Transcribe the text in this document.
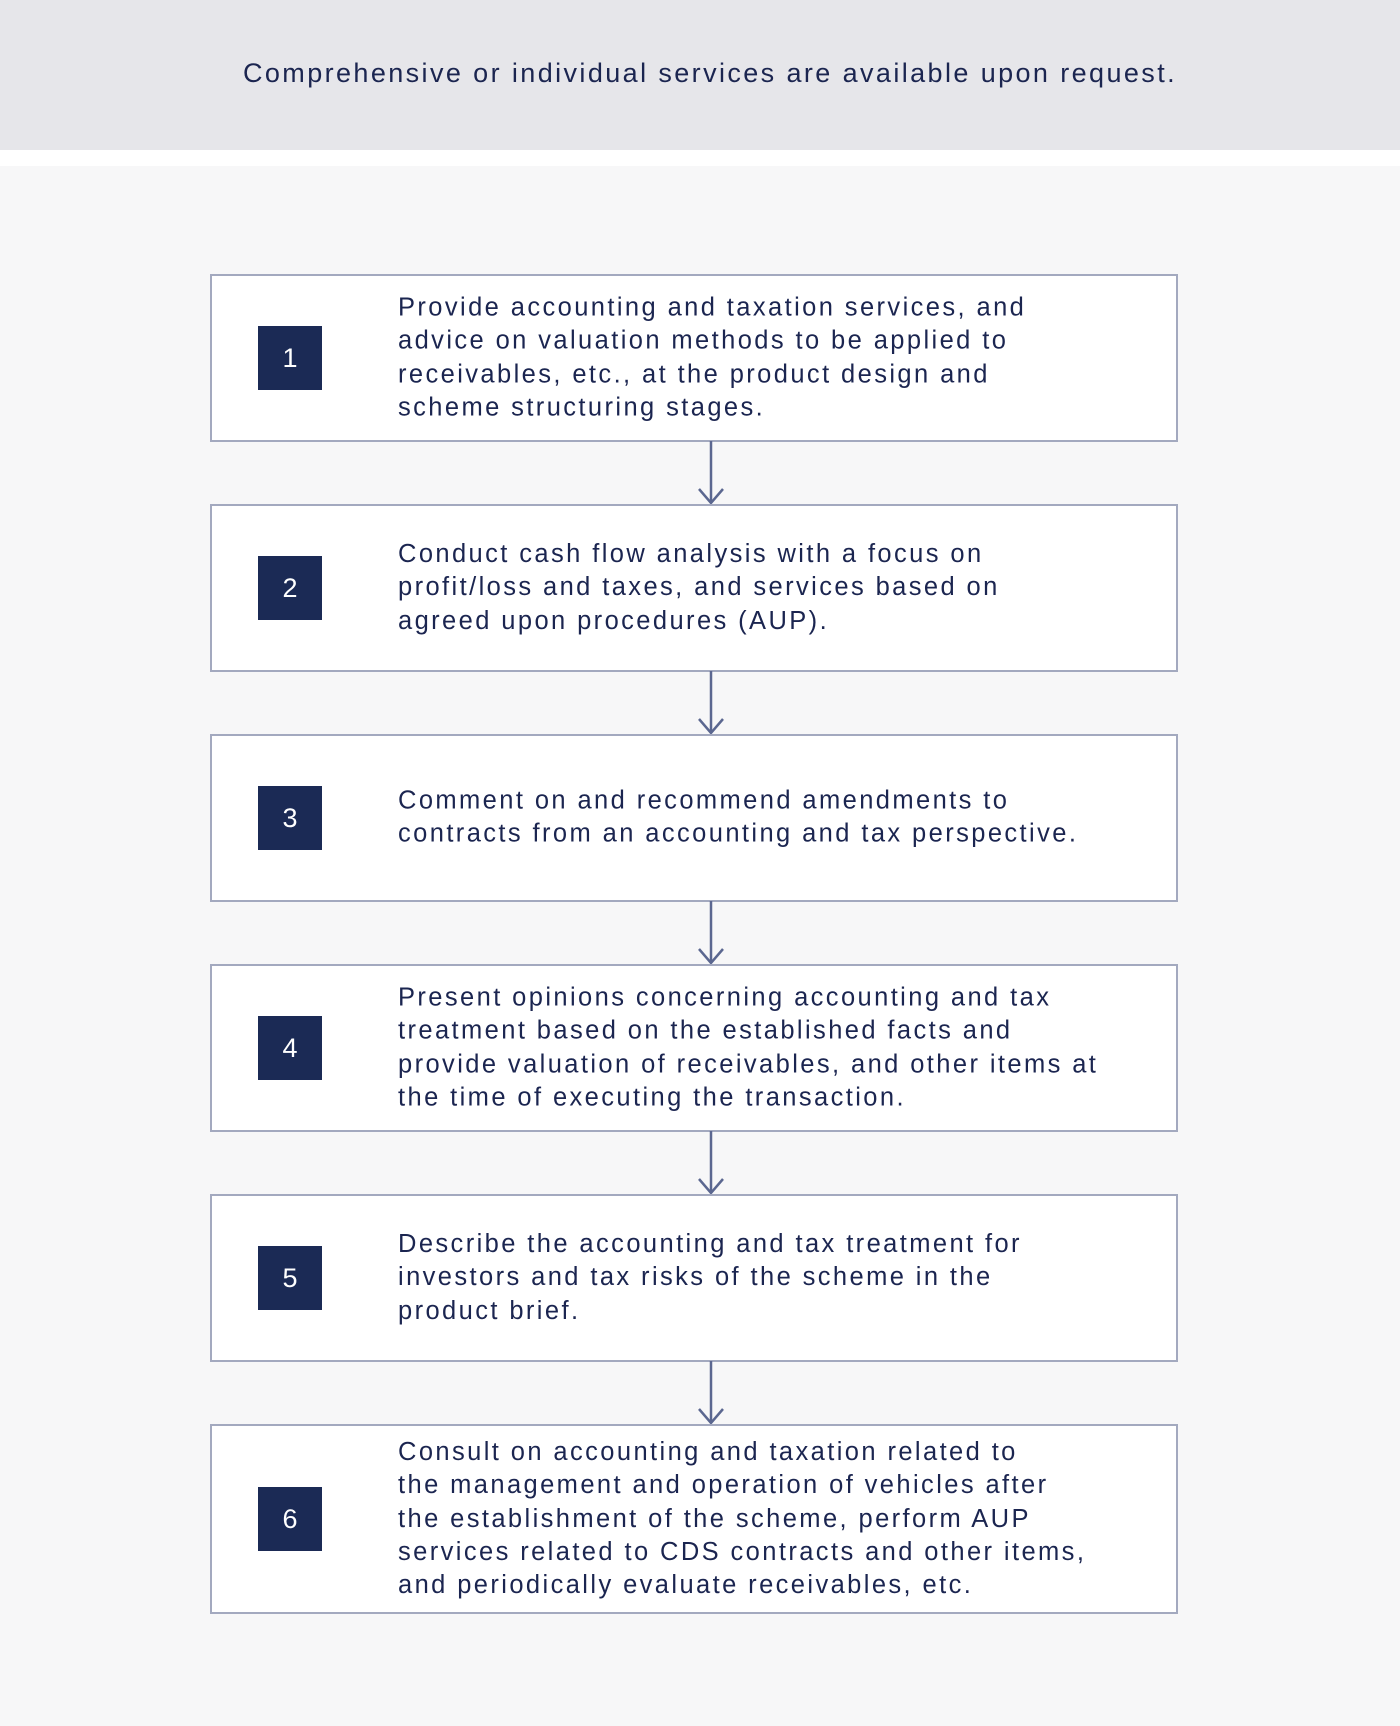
Comprehensive or individual services are available upon request.
1
Provide accounting and taxation services, and
advice on valuation methods to be applied to
receivables, etc., at the product design and
scheme structuring stages.
2
Conduct cash flow analysis with a focus on
profit/loss and taxes, and services based on
agreed upon procedures (AUP).
3
Comment on and recommend amendments to
contracts from an accounting and tax perspective.
4
Present opinions concerning accounting and tax
treatment based on the established facts and
provide valuation of receivables, and other items at
the time of executing the transaction.
5
Describe the accounting and tax treatment for
investors and tax risks of the scheme in the
product brief.
6
Consult on accounting and taxation related to
the management and operation of vehicles after
the establishment of the scheme, perform AUP
services related to CDS contracts and other items,
and periodically evaluate receivables, etc.
